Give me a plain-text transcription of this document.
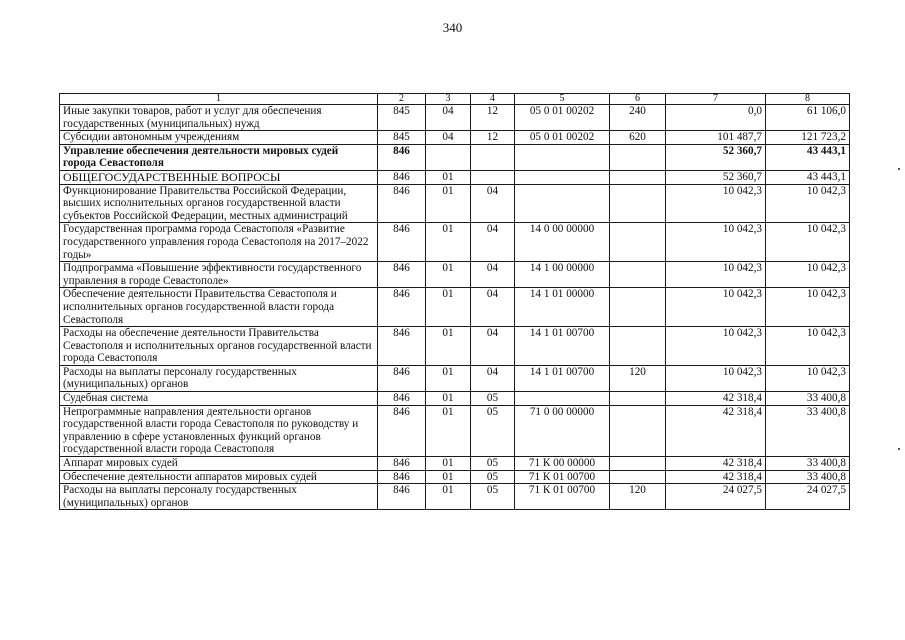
340
1	2	3	4	5	6	7	8
Иные закупки товаров, работ и услуг для обеспечения государственных (муниципальных) нужд	845	04	12	05 0 01 00202	240	0,0	61 106,0
Субсидии автономным учреждениям	845	04	12	05 0 01 00202	620	101 487,7	121 723,2
Управление обеспечения деятельности мировых судей города Севастополя	846					52 360,7	43 443,1
ОБЩЕГОСУДАРСТВЕННЫЕ ВОПРОСЫ	846	01				52 360,7	43 443,1
Функционирование Правительства Российской Федерации, высших исполнительных органов государственной власти субъектов Российской Федерации, местных администраций	846	01	04			10 042,3	10 042,3
Государственная программа города Севастополя «Развитие государственного управления города Севастополя на 2017–2022 годы»	846	01	04	14 0 00 00000		10 042,3	10 042,3
Подпрограмма «Повышение эффективности государственного управления в городе Севастополе»	846	01	04	14 1 00 00000		10 042,3	10 042,3
Обеспечение деятельности Правительства Севастополя и исполнительных органов государственной власти города Севастополя	846	01	04	14 1 01 00000		10 042,3	10 042,3
Расходы на обеспечение деятельности Правительства Севастополя и исполнительных органов государственной власти города Севастополя	846	01	04	14 1 01 00700		10 042,3	10 042,3
Расходы на выплаты персоналу государственных (муниципальных) органов	846	01	04	14 1 01 00700	120	10 042,3	10 042,3
Судебная система	846	01	05			42 318,4	33 400,8
Непрограммные направления деятельности органов государственной власти города Севастополя по руководству и управлению в сфере установленных функций органов государственной власти города Севастополя	846	01	05	71 0 00 00000		42 318,4	33 400,8
Аппарат мировых судей	846	01	05	71 К 00 00000		42 318,4	33 400,8
Обеспечение деятельности аппаратов мировых судей	846	01	05	71 К 01 00700		42 318,4	33 400,8
Расходы на выплаты персоналу государственных (муниципальных) органов	846	01	05	71 К 01 00700	120	24 027,5	24 027,5
